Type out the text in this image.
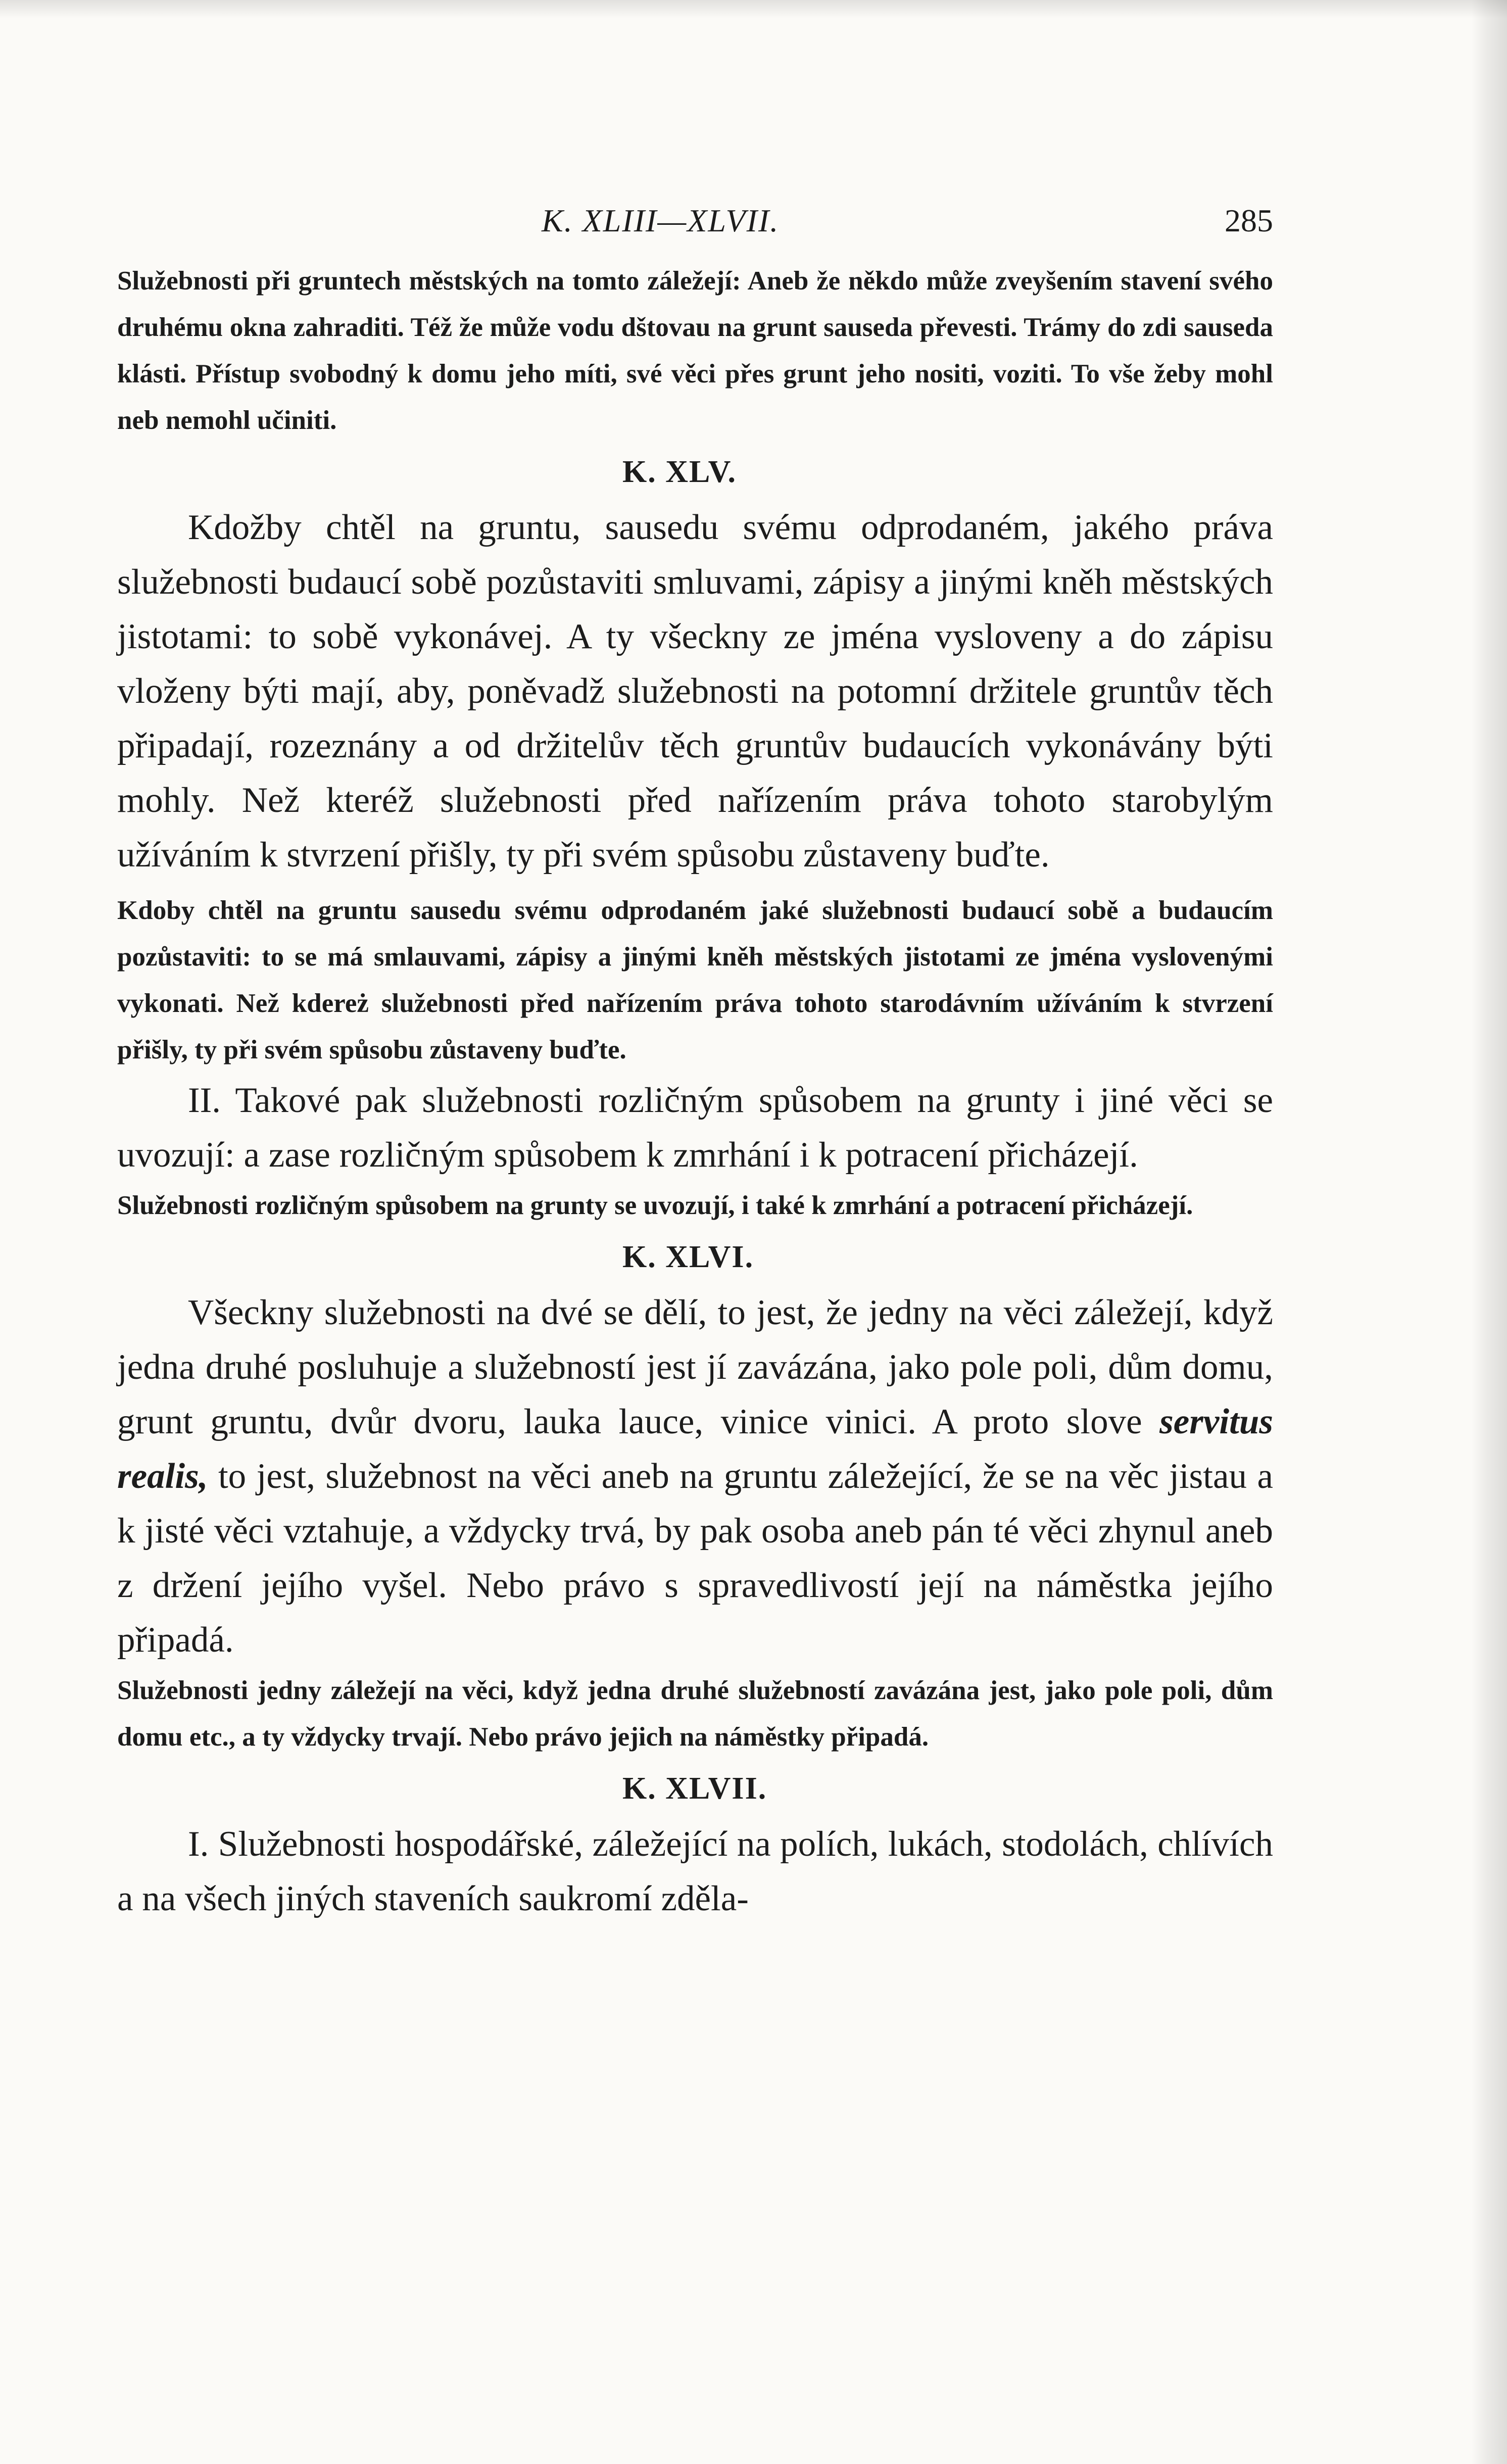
K. XLIII—XLVII.	285

Služebnosti při gruntech městských na tomto záležejí: Aneb že někdo může zveyšením stavení svého druhému okna zahraditi. Též že může vodu dštovau na grunt sauseda převesti. Trámy do zdi sauseda klásti. Přístup svobodný k domu jeho míti, své věci přes grunt jeho nositi, voziti. To vše žeby mohl neb nemohl učiniti.

K. XLV.

Kdožby chtěl na gruntu, sausedu svému odprodaném, jakého práva služebnosti budaucí sobě pozůstaviti smluvami, zápisy a jinými kněh městských jistotami: to sobě vykonávej. A ty všeckny ze jména vysloveny a do zápisu vloženy býti mají, aby, poněvadž služebnosti na potomní držitele gruntův těch připadají, rozeznány a od držitelův těch gruntův budaucích vykonávány býti mohly. Než kteréž služebnosti před nařízením práva tohoto starobylým užíváním k stvrzení přišly, ty při svém spůsobu zůstaveny buďte.

Kdoby chtěl na gruntu sausedu svému odprodaném jaké služebnosti budaucí sobě a budaucím pozůstaviti: to se má smlauvami, zápisy a jinými kněh městských jistotami ze jména vyslovenými vykonati. Než kdereż služebnosti před nařízením práva tohoto starodávním užíváním k stvrzení přišly, ty při svém spůsobu zůstaveny buďte.

II. Takové pak služebnosti rozličným spůsobem na grunty i jiné věci se uvozují: a zase rozličným spůsobem k zmrhání i k potracení přicházejí.

Služebnosti rozličným spůsobem na grunty se uvozují, i také k zmrhání a potracení přicházejí.

K. XLVI.

Všeckny služebnosti na dvé se dělí, to jest, že jedny na věci záležejí, když jedna druhé posluhuje a služebností jest jí zavázána, jako pole poli, dům domu, grunt gruntu, dvůr dvoru, lauka lauce, vinice vinici. A proto slove servitus realis, to jest, služebnost na věci aneb na gruntu záležející, že se na věc jistau a k jisté věci vztahuje, a vždycky trvá, by pak osoba aneb pán té věci zhynul aneb z držení jejího vyšel. Nebo právo s spravedlivostí její na náměstka jejího připadá.

Služebnosti jedny záležejí na věci, když jedna druhé služebností zavázána jest, jako pole poli, dům domu etc., a ty vždycky trvají. Nebo právo jejich na náměstky připadá.

K. XLVII.

I. Služebnosti hospodářské, záležející na polích, lukách, stodolách, chlívích a na všech jiných staveních saukromí zděla-
